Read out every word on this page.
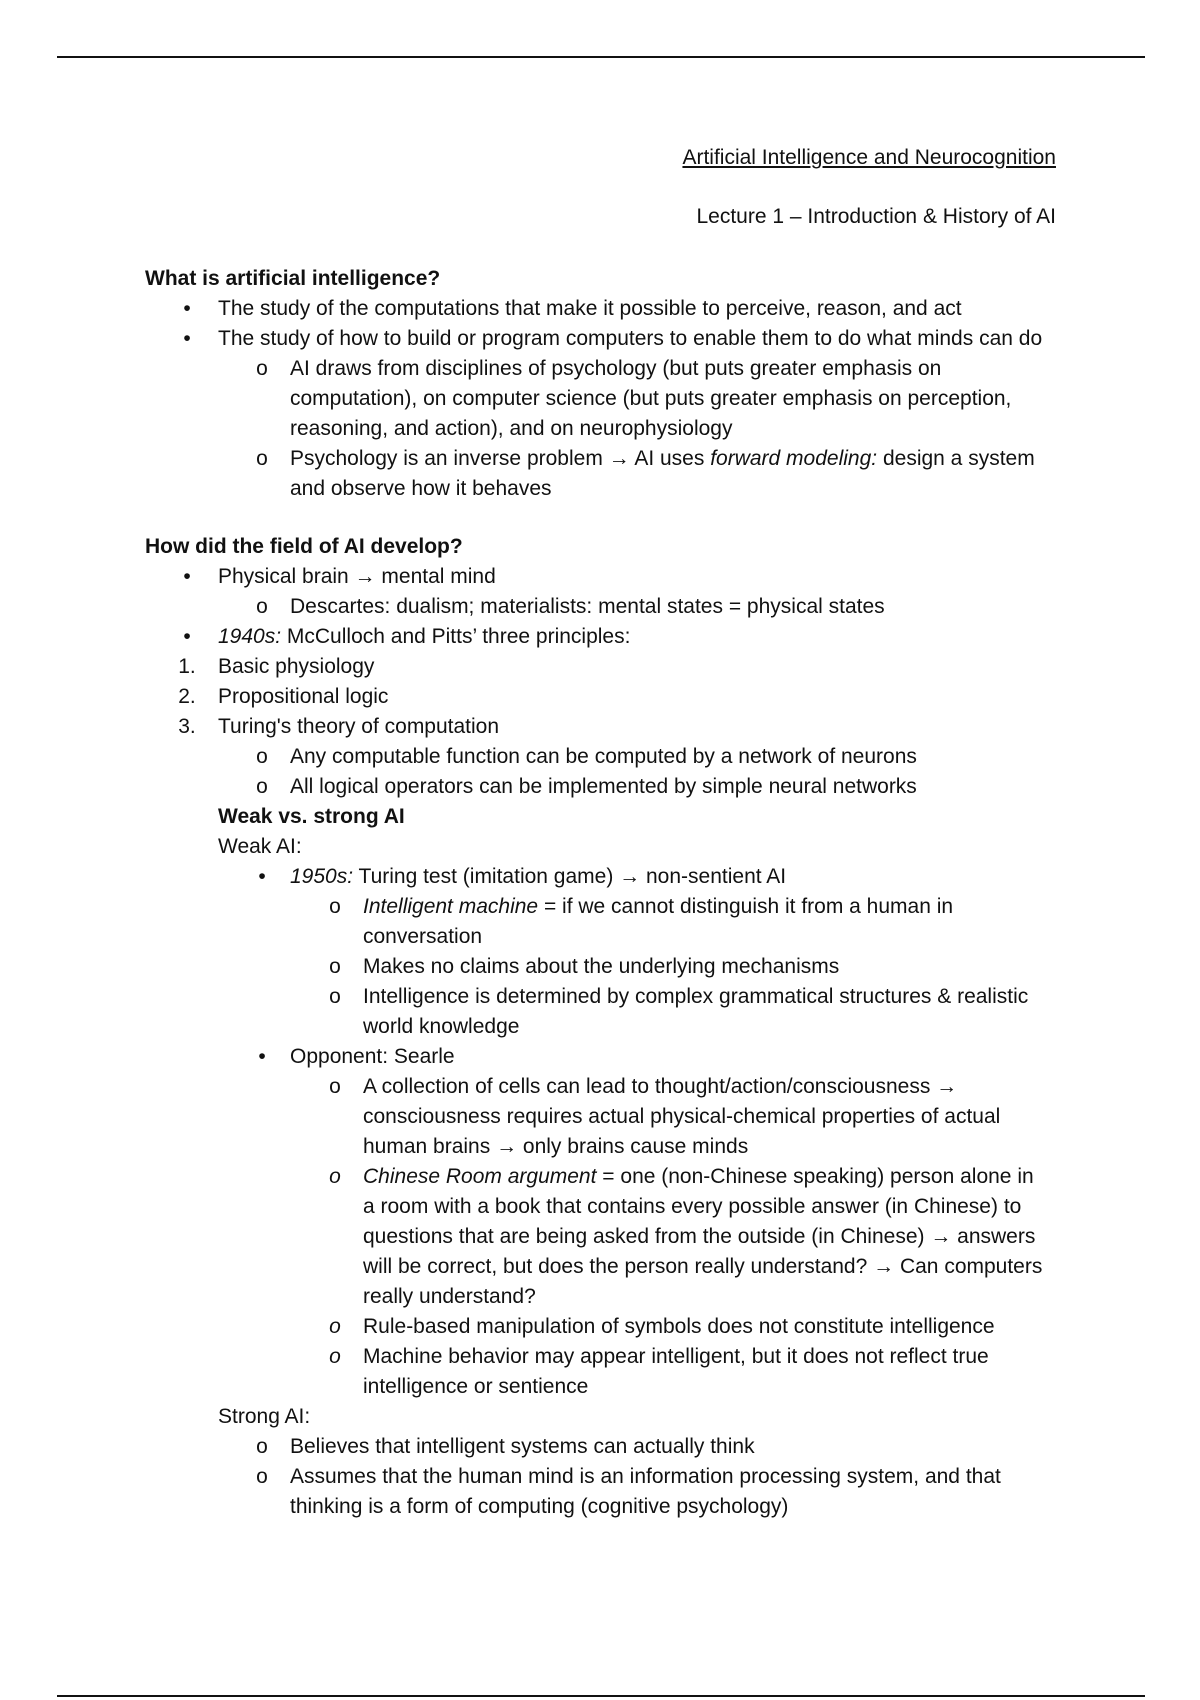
Artificial Intelligence and Neurocognition
Lecture 1 – Introduction & History of AI
What is artificial intelligence?
•
The study of the computations that make it possible to perceive, reason, and act
•
The study of how to build or program computers to enable them to do what minds can do
o	AI draws from disciplines of psychology (but puts greater emphasis on computation), on computer science (but puts greater emphasis on perception, reasoning, and action), and on neurophysiology
o	Psychology is an inverse problem → AI uses forward modeling: design a system and observe how it behaves
How did the field of AI develop?
•
Physical brain → mental mind
o	Descartes: dualism; materialists: mental states = physical states
•
1940s: McCulloch and Pitts’ three principles:
1. Basic physiology
2. Propositional logic
3. Turing's theory of computation
o	Any computable function can be computed by a network of neurons
o	All logical operators can be implemented by simple neural networks
Weak vs. strong AI
Weak AI:
•
1950s: Turing test (imitation game) → non-sentient AI
o	Intelligent machine = if we cannot distinguish it from a human in conversation
o	Makes no claims about the underlying mechanisms
o	Intelligence is determined by complex grammatical structures & realistic world knowledge
•
Opponent: Searle
o	A collection of cells can lead to thought/action/consciousness → consciousness requires actual physical-chemical properties of actual human brains → only brains cause minds
o	Chinese Room argument = one (non-Chinese speaking) person alone in a room with a book that contains every possible answer (in Chinese) to questions that are being asked from the outside (in Chinese) → answers will be correct, but does the person really understand? → Can computers really understand?
o	Rule-based manipulation of symbols does not constitute intelligence
o	Machine behavior may appear intelligent, but it does not reflect true intelligence or sentience
Strong AI:
o	Believes that intelligent systems can actually think
o	Assumes that the human mind is an information processing system, and that thinking is a form of computing (cognitive psychology)
